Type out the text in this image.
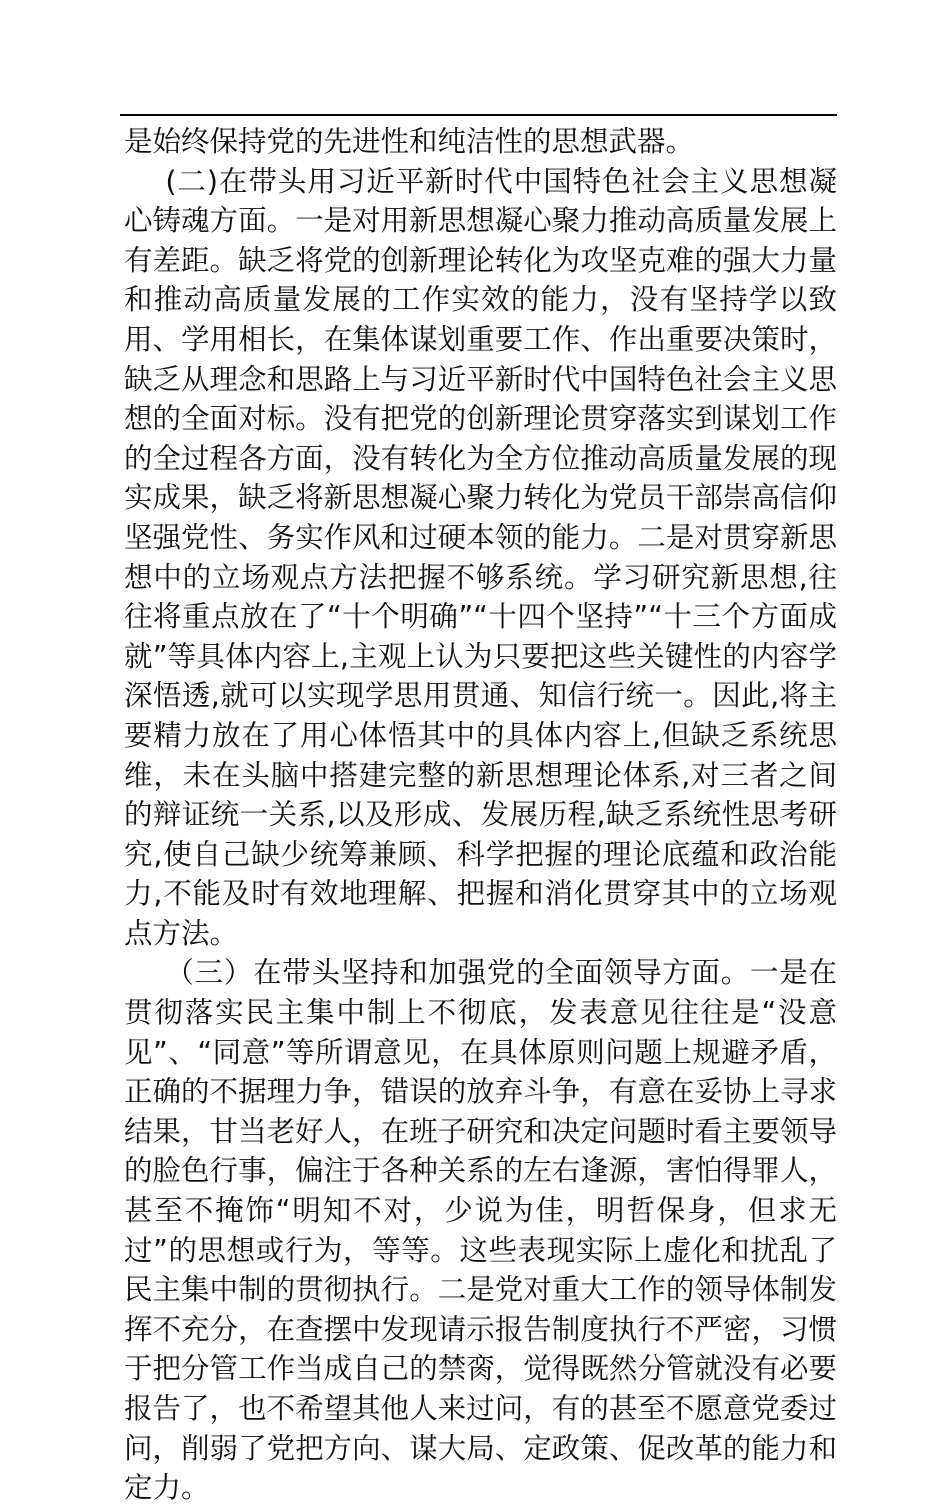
是始终保持党的先进性和纯洁性的思想武器。

(二)在带头用习近平新时代中国特色社会主义思想凝心铸魂方面。一是对用新思想凝心聚力推动高质量发展上有差距。缺乏将党的创新理论转化为攻坚克难的强大力量和推动高质量发展的工作实效的能力，没有坚持学以致用、学用相长，在集体谋划重要工作、作出重要决策时，缺乏从理念和思路上与习近平新时代中国特色社会主义思想的全面对标。没有把党的创新理论贯穿落实到谋划工作的全过程各方面，没有转化为全方位推动高质量发展的现实成果，缺乏将新思想凝心聚力转化为党员干部崇高信仰坚强党性、务实作风和过硬本领的能力。二是对贯穿新思想中的立场观点方法把握不够系统。学习研究新思想,往往将重点放在了“十个明确”“十四个坚持”“十三个方面成就”等具体内容上,主观上认为只要把这些关键性的内容学深悟透,就可以实现学思用贯通、知信行统一。因此,将主要精力放在了用心体悟其中的具体内容上,但缺乏系统思维，未在头脑中搭建完整的新思想理论体系,对三者之间的辩证统一关系,以及形成、发展历程,缺乏系统性思考研究,使自己缺少统筹兼顾、科学把握的理论底蕴和政治能力,不能及时有效地理解、把握和消化贯穿其中的立场观点方法。

（三）在带头坚持和加强党的全面领导方面。一是在贯彻落实民主集中制上不彻底，发表意见往往是“没意见”、“同意”等所谓意见，在具体原则问题上规避矛盾，正确的不据理力争，错误的放弃斗争，有意在妥协上寻求结果，甘当老好人，在班子研究和决定问题时看主要领导的脸色行事，偏注于各种关系的左右逢源，害怕得罪人，甚至不掩饰“明知不对，少说为佳，明哲保身，但求无过”的思想或行为，等等。这些表现实际上虚化和扰乱了民主集中制的贯彻执行。二是党对重大工作的领导体制发挥不充分，在查摆中发现请示报告制度执行不严密，习惯于把分管工作当成自己的禁脔，觉得既然分管就没有必要报告了，也不希望其他人来过问，有的甚至不愿意党委过问，削弱了党把方向、谋大局、定政策、促改革的能力和定力。
